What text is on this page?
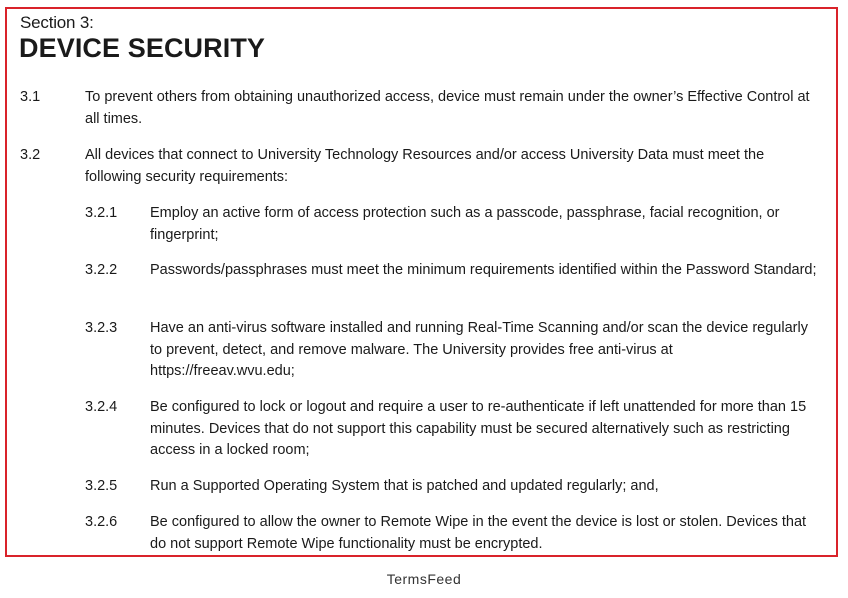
Section 3:
DEVICE SECURITY
3.1	To prevent others from obtaining unauthorized access, device must remain under the owner’s Effective Control at all times.
3.2	All devices that connect to University Technology Resources and/or access University Data must meet the following security requirements:
3.2.1 Employ an active form of access protection such as a passcode, passphrase, facial recognition, or fingerprint;
3.2.2 Passwords/passphrases must meet the minimum requirements identified within the Password Standard;
3.2.3 Have an anti-virus software installed and running Real-Time Scanning and/or scan the device regularly to prevent, detect, and remove malware. The University provides free anti-virus at https://freeav.wvu.edu;
3.2.4 Be configured to lock or logout and require a user to re-authenticate if left unattended for more than 15 minutes. Devices that do not support this capability must be secured alternatively such as restricting access in a locked room;
3.2.5 Run a Supported Operating System that is patched and updated regularly; and,
3.2.6 Be configured to allow the owner to Remote Wipe in the event the device is lost or stolen. Devices that do not support Remote Wipe functionality must be encrypted.
TermsFeed
